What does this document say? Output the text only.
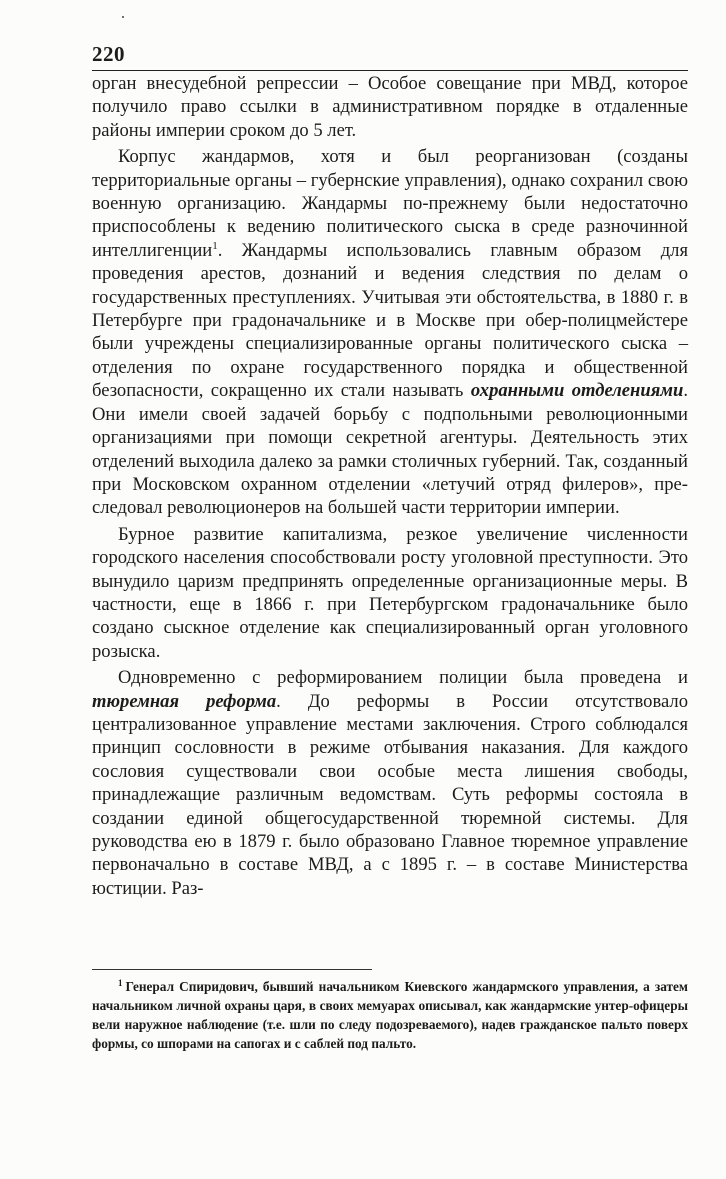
220

орган внесудебной репрессии – Особое совещание при МВД, которое получило право ссылки в административном порядке в отдаленные районы империи сроком до 5 лет.

Корпус жандармов, хотя и был реорганизован (созданы территориальные органы – губернские управления), однако сохранил свою военную организацию. Жандармы по-прежнему были недостаточно приспособлены к ведению политического сыска в среде разночинной интеллигенции$^1$. Жандармы использовались главным образом для проведения арестов, дознаний и ведения следствия по делам о государственных преступлениях. Учитывая эти обстоятельства, в 1880 г. в Петербурге при градоначальнике и в Москве при обер-полицмейстере были учреждены специализированные органы политического сыска – отделения по охране государственного порядка и общественной безопасности, сокращенно их стали называть охранными отделениями. Они имели своей задачей борьбу с подпольными революционными организациями при помощи секретной агентуры. Деятельность этих отделений выходила далеко за рамки столичных губерний. Так, созданный при Московском охранном отделении «летучий отряд филеров», преследовал революционеров на большей части территории империи.

Бурное развитие капитализма, резкое увеличение численности городского населения способствовали росту уголовной преступности. Это вынудило царизм предпринять определенные организационные меры. В частности, еще в 1866 г. при Петербургском градоначальнике было создано сыскное отделение как специализированный орган уголовного розыска.

Одновременно с реформированием полиции была проведена и тюремная реформа. До реформы в России отсутствовало централизованное управление местами заключения. Строго соблюдался принцип сословности в режиме отбывания наказания. Для каждого сословия существовали свои особые места лишения свободы, принадлежащие различным ведомствам. Суть реформы состояла в создании единой общегосударственной тюремной системы. Для руководства ею в 1879 г. было образовано Главное тюремное управление первоначально в составе МВД, а с 1895 г. – в составе Министерства юстиции. Раз-

$^1$ Генерал Спиридович, бывший начальником Киевского жандармского управления, а затем начальником личной охраны царя, в своих мемуарах описывал, как жандармские унтер-офицеры вели наружное наблюдение (т.е. шли по следу подозреваемого), надев гражданское пальто поверх формы, со шпорами на сапогах и с саблей под пальто.
